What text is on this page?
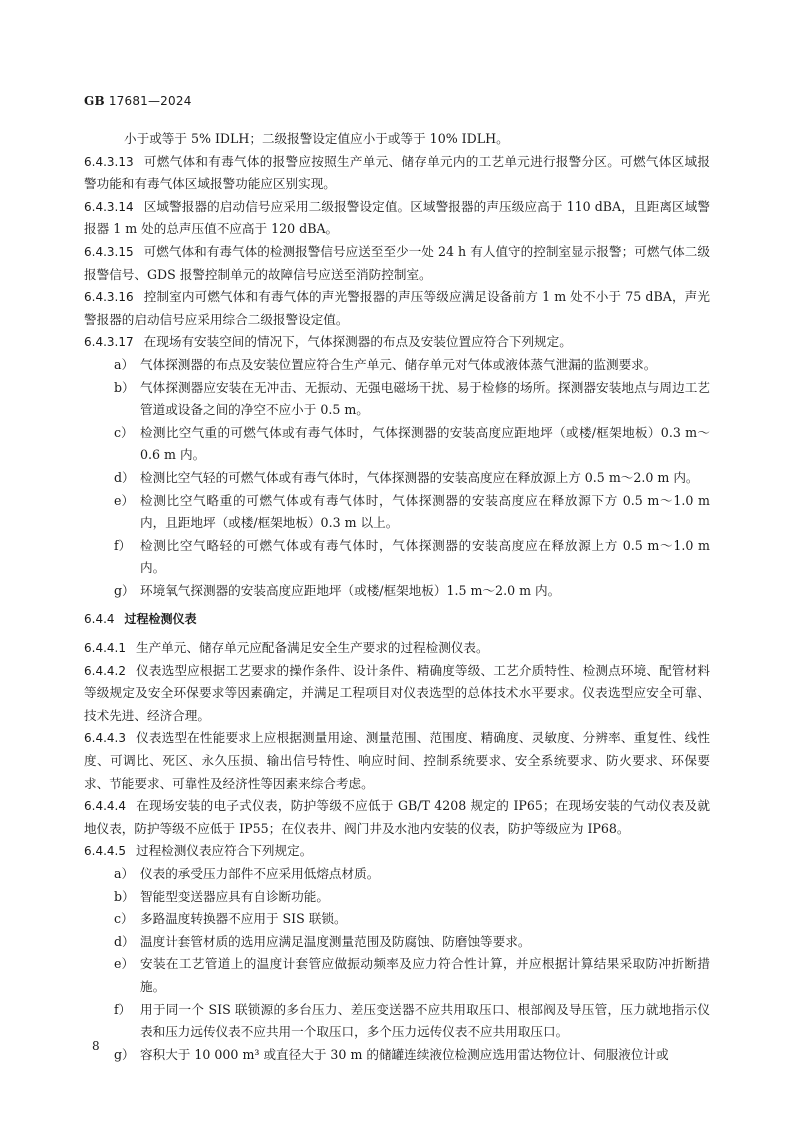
GB 17681—2024

小于或等于 5% IDLH；二级报警设定值应小于或等于 10% IDLH。

6.4.3.13 可燃气体和有毒气体的报警应按照生产单元、储存单元内的工艺单元进行报警分区。可燃气体区域报警功能和有毒气体区域报警功能应区别实现。

6.4.3.14 区域警报器的启动信号应采用二级报警设定值。区域警报器的声压级应高于 110 dBA，且距离区域警报器 1 m 处的总声压值不应高于 120 dBA。

6.4.3.15 可燃气体和有毒气体的检测报警信号应送至至少一处 24 h 有人值守的控制室显示报警；可燃气体二级报警信号、GDS 报警控制单元的故障信号应送至消防控制室。

6.4.3.16 控制室内可燃气体和有毒气体的声光警报器的声压等级应满足设备前方 1 m 处不小于 75 dBA，声光警报器的启动信号应采用综合二级报警设定值。

6.4.3.17 在现场有安装空间的情况下，气体探测器的布点及安装位置应符合下列规定。

a） 气体探测器的布点及安装位置应符合生产单元、储存单元对气体或液体蒸气泄漏的监测要求。
b） 气体探测器应安装在无冲击、无振动、无强电磁场干扰、易于检修的场所。探测器安装地点与周边工艺管道或设备之间的净空不应小于 0.5 m。
c） 检测比空气重的可燃气体或有毒气体时，气体探测器的安装高度应距地坪（或楼/框架地板）0.3 m～0.6 m 内。
d） 检测比空气轻的可燃气体或有毒气体时，气体探测器的安装高度应在释放源上方 0.5 m～2.0 m 内。
e） 检测比空气略重的可燃气体或有毒气体时，气体探测器的安装高度应在释放源下方 0.5 m～1.0 m 内，且距地坪（或楼/框架地板）0.3 m 以上。
f） 检测比空气略轻的可燃气体或有毒气体时，气体探测器的安装高度应在释放源上方 0.5 m～1.0 m 内。
g） 环境氧气探测器的安装高度应距地坪（或楼/框架地板）1.5 m～2.0 m 内。

6.4.4 过程检测仪表

6.4.4.1 生产单元、储存单元应配备满足安全生产要求的过程检测仪表。

6.4.4.2 仪表选型应根据工艺要求的操作条件、设计条件、精确度等级、工艺介质特性、检测点环境、配管材料等级规定及安全环保要求等因素确定，并满足工程项目对仪表选型的总体技术水平要求。仪表选型应安全可靠、技术先进、经济合理。

6.4.4.3 仪表选型在性能要求上应根据测量用途、测量范围、范围度、精确度、灵敏度、分辨率、重复性、线性度、可调比、死区、永久压损、输出信号特性、响应时间、控制系统要求、安全系统要求、防火要求、环保要求、节能要求、可靠性及经济性等因素来综合考虑。

6.4.4.4 在现场安装的电子式仪表，防护等级不应低于 GB/T 4208 规定的 IP65；在现场安装的气动仪表及就地仪表，防护等级不应低于 IP55；在仪表井、阀门井及水池内安装的仪表，防护等级应为 IP68。

6.4.4.5 过程检测仪表应符合下列规定。

a） 仪表的承受压力部件不应采用低熔点材质。
b） 智能型变送器应具有自诊断功能。
c） 多路温度转换器不应用于 SIS 联锁。
d） 温度计套管材质的选用应满足温度测量范围及防腐蚀、防磨蚀等要求。
e） 安装在工艺管道上的温度计套管应做振动频率及应力符合性计算，并应根据计算结果采取防冲折断措施。
f） 用于同一个 SIS 联锁源的多台压力、差压变送器不应共用取压口、根部阀及导压管，压力就地指示仪表和压力远传仪表不应共用一个取压口，多个压力远传仪表不应共用取压口。
g） 容积大于 10 000 m³ 或直径大于 30 m 的储罐连续液位检测应选用雷达物位计、伺服液位计或
8
